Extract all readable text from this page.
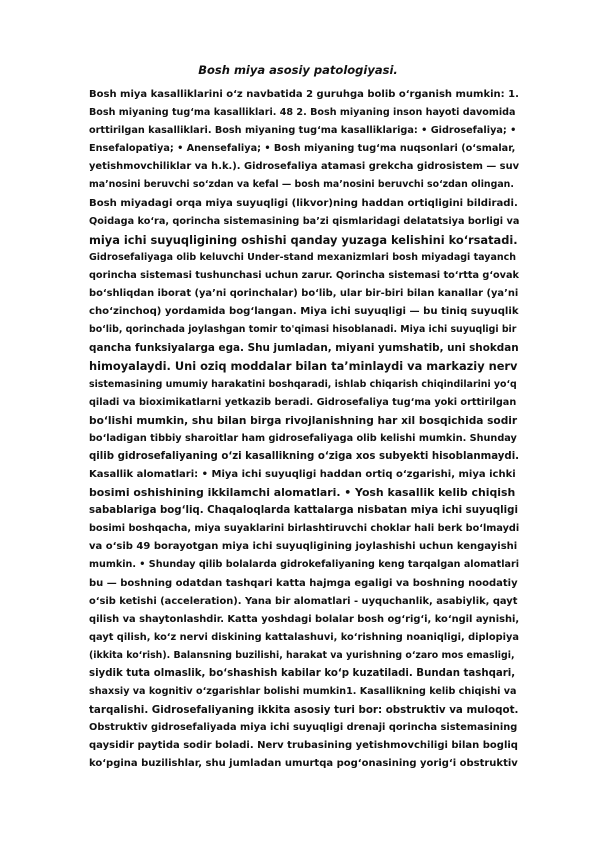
Bosh miya asosiy patologiyasi.
Bosh miya kasalliklarini oʻz navbatida 2 guruhga bolib oʻrganish mumkin: 1.
Bosh miyaning tugʻma kasalliklari. 48 2. Bosh miyaning inson hayoti davomida
orttirilgan kasalliklari. Bosh miyaning tugʻma kasalliklariga: • Gidrosefaliya; •
Ensefalopatiya; • Anensefaliya; • Bosh miyaning tugʻma nuqsonlari (oʻsmalar,
yetishmovchiliklar va h.k.). Gidrosefaliya atamasi grekcha gidrosistem — suv
maʼnosini beruvchi soʻzdan va kefal — bosh maʼnosini beruvchi soʻzdan olingan.
Bosh miyadagi orqa miya suyuqligi (likvor)ning haddan ortiqligini bildiradi.
Qoidaga koʻra, qorincha sistemasining baʼzi qismlaridagi delatatsiya borligi va
miya ichi suyuqligining oshishi qanday yuzaga kelishini koʻrsatadi.
Gidrosefaliyaga olib keluvchi Under-stand mexanizmlari bosh miyadagi tayanch
qorincha sistemasi tushunchasi uchun zarur. Qorincha sistemasi toʻrtta gʻovak
boʻshliqdan iborat (yaʼni qorinchalar) boʻlib, ular bir-biri bilan kanallar (yaʼni
choʻzinchoq) yordamida bogʻlangan. Miya ichi suyuqligi — bu tiniq suyuqlik
boʻlib, qorinchada joylashgan tomir to'qimasi hisoblanadi. Miya ichi suyuqligi bir
qancha funksiyalarga ega. Shu jumladan, miyani yumshatib, uni shokdan
himoyalaydi. Uni oziq moddalar bilan taʼminlaydi va markaziy nerv
sistemasining umumiy harakatini boshqaradi, ishlab chiqarish chiqindilarini yoʻq
qiladi va bioximikatlarni yetkazib beradi. Gidrosefaliya tugʻma yoki orttirilgan
boʻlishi mumkin, shu bilan birga rivojlanishning har xil bosqichida sodir
boʻladigan tibbiy sharoitlar ham gidrosefaliyaga olib kelishi mumkin. Shunday
qilib gidrosefaliyaning oʻzi kasallikning oʻziga xos subyekti hisoblanmaydi.
Kasallik alomatlari: • Miya ichi suyuqligi haddan ortiq oʻzgarishi, miya ichki
bosimi oshishining ikkilamchi alomatlari. • Yosh kasallik kelib chiqish
sabablariga bogʻliq. Chaqaloqlarda kattalarga nisbatan miya ichi suyuqligi
bosimi boshqacha, miya suyaklarini birlashtiruvchi choklar hali berk boʻlmaydi
va oʻsib 49 borayotgan miya ichi suyuqligining joylashishi uchun kengayishi
mumkin. • Shunday qilib bolalarda gidrokefaliyaning keng tarqalgan alomatlari
bu — boshning odatdan tashqari katta hajmga egaligi va boshning noodatiy
oʻsib ketishi (acceleration). Yana bir alomatlari - uyquchanlik, asabiylik, qayt
qilish va shaytonlashdir. Katta yoshdagi bolalar bosh ogʻrigʻi, koʻngil aynishi,
qayt qilish, koʻz nervi diskining kattalashuvi, koʻrishning noaniqligi, diplopiya
(ikkita koʻrish). Balansning buzilishi, harakat va yurishning oʻzaro mos emasligi,
siydik tuta olmaslik, boʻshashish kabilar koʻp kuzatiladi. Bundan tashqari,
shaxsiy va kognitiv oʻzgarishlar bolishi mumkin1. Kasallikning kelib chiqishi va
tarqalishi. Gidrosefaliyaning ikkita asosiy turi bor: obstruktiv va muloqot.
Obstruktiv gidrosefaliyada miya ichi suyuqligi drenaji qorincha sistemasining
qaysidir paytida sodir boladi. Nerv trubasining yetishmovchiligi bilan bogliq
koʻpgina buzilishlar, shu jumladan umurtqa pogʻonasining yorigʻi obstruktiv
